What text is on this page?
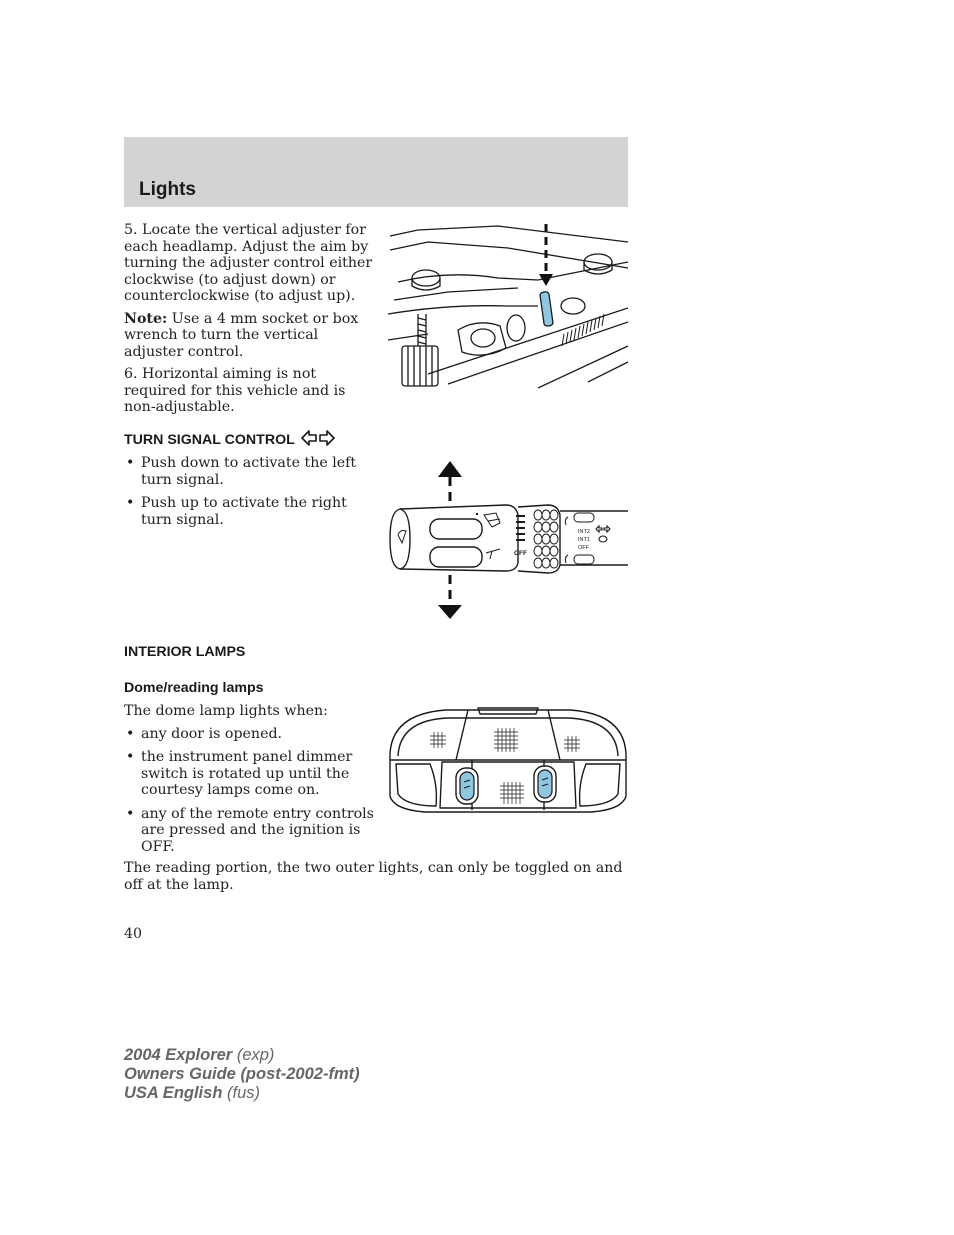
Lights

5. Locate the vertical adjuster for each headlamp. Adjust the aim by turning the adjuster control either clockwise (to adjust down) or counterclockwise (to adjust up).

Note: Use a 4 mm socket or box wrench to turn the vertical adjuster control.

6. Horizontal aiming is not required for this vehicle and is non-adjustable.

TURN SIGNAL CONTROL
• Push down to activate the left turn signal.
• Push up to activate the right turn signal.
INT2
INT1
OFF
OFF
INTERIOR LAMPS
Dome/reading lamps

The dome lamp lights when:

• any door is opened.
• the instrument panel dimmer switch is rotated up until the courtesy lamps come on.
• any of the remote entry controls are pressed and the ignition is OFF.
The reading portion, the two outer lights, can only be toggled on and off at the lamp.
40
2004 Explorer (exp)
Owners Guide (post-2002-fmt)
USA English (fus)
